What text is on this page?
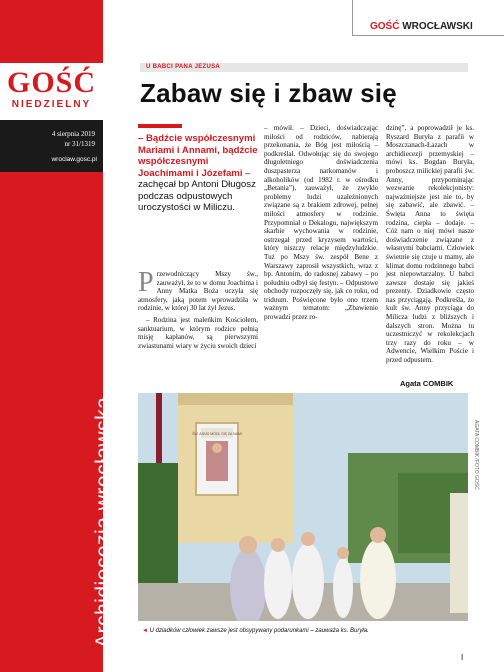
GOŚĆ
NIEDZIELNY
4 sierpnia 2019
nr 31/1319
wroclaw.gosc.pl
Archidiecezja wrocławska
GOŚĆ WROCŁAWSKI
U BABCI PANA JEZUSA
Zabaw się i zbaw się
– Bądźcie współczesnymi Mariami i Annami, bądźcie współczesnymi Joachimami i Józefami – zachęcał bp Antoni Długosz podczas odpustowych uroczystości w Miliczu.
P rzewodniczący Mszy św., zauważył, że to w domu Joachima i Anny Matka Boża uczyła się atmosfery, jaką potem wprowadziła w rodzinie, w której 30 lat żył Jezus.

– Rodzina jest maleńkim Kościołem, sanktuarium, w którym rodzice pełnią misję kapłanów, są pierwszymi zwiastunami wiary w życiu swoich dzieci

– mówił. – Dzieci, doświadczając miłości od rodziców, nabierają przekonania, że Bóg jest miłością – podkreślał. Odwołując się do swojego długoletniego doświadczenia duszpasterza narkomanów i alkoholików (od 1982 r. w ośrodku „Betania”), zauważył, że zwykle problemy ludzi uzależnionych związane są z brakiem zdrowej, pełnej miłości atmosfery w rodzinie. Przypomniał o Dekalogu, największym skarbie wychowania w rodzinie, ostrzegał przed kryzysem wartości, który niszczy relacje międzyludzkie. Tuż po Mszy św. zespół Bene z Warszawy zaprosił wszystkich, wraz z bp. Antonim, do radosnej zabawy – po południu odbył się festyn. – Odpustowe obchody rozpoczęły się, jak co roku, od triduum. Poświęcone było ono trzem ważnym tematom: „Zbawienie prowadzi przez ro-

dzinę”, a poprowadził je ks. Ryszard Buryła z parafii w Moszczanach-Łazach w archidiecezji przemyskiej – mówi ks. Bogdan Buryła, proboszcz milickiej parafii św. Anny, przypominając wezwanie rekolekcjonisty: najważniejsze jest nie to, by się zabawić, ale zbawić. – Święta Anna to święta rodzina, ciepła – dodaje. – Cóż nam o niej mówi nasze doświadczenie związane z własnymi babciami. Człowiek świetnie się czuje u mamy, ale klimat domu rodzinnego babci jest niepowtarzalny. U babci zawsze dostaje się jakieś prezenty. Dziadkowie często nas przyciągają. Podkreśla, że kult św. Anny przyciąga do Milicza ludzi z bliższych i dalszych stron. Można tu uczestniczyć w rekolekcjach trzy razy do roku – w Adwencie, Wielkim Poście i przed odpustem.

Agata COMBIK
ŚW. ANNO MÓDL SIĘ ZA NAMI	AGATA COMBIK /FOTO GOŚĆ
◄ U dziadków człowiek zawsze jest obsypywany podarunkami – zauważa ks. Buryła.
I
